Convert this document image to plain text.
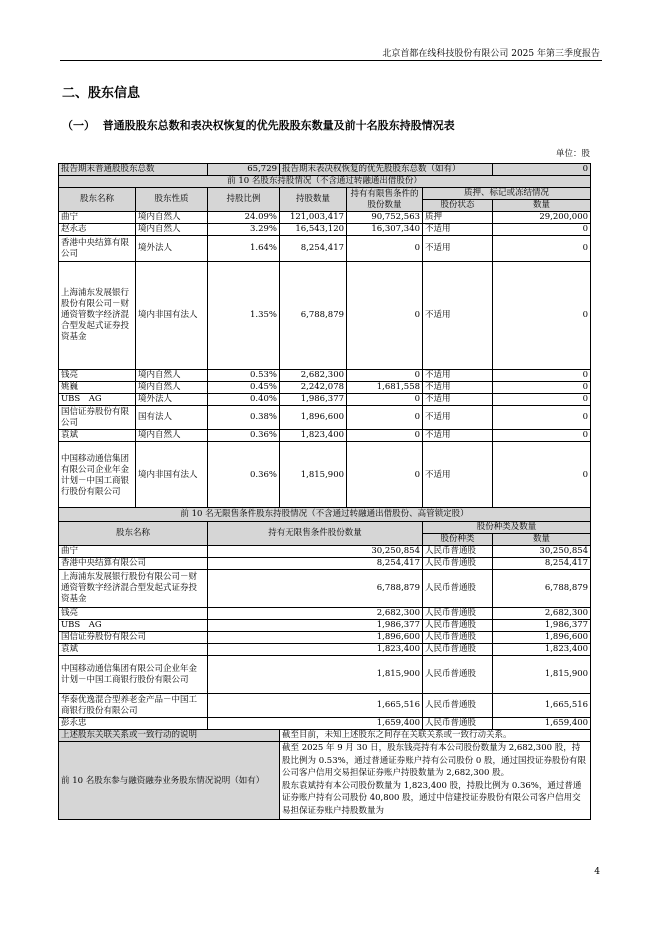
北京首都在线科技股份有限公司 2025 年第三季度报告
二、股东信息
（一） 普通股股东总数和表决权恢复的优先股股东数量及前十名股东持股情况表
单位：股
报告期末普通股股东总数		65,729	报告期末表决权恢复的优先股股东总数（如有）			0
前 10 名股东持股情况（不含通过转融通出借股份）						
股东名称	股东性质	持股比例	持股数量	持有有限售条件的股份数量	质押、标记或冻结情况	
					股份状态	数量
曲宁	境内自然人	24.09%	121,003,417	90,752,563	质押	29,200,000
赵永志	境内自然人	3.29%	16,543,120	16,307,340	不适用	0
香港中央结算有限公司	境外法人	1.64%	8,254,417	0	不适用	0
上海浦东发展银行股份有限公司－财通资管数字经济混合型发起式证券投资基金	境内非国有法人	1.35%	6,788,879	0	不适用	0
钱亮	境内自然人	0.53%	2,682,300	0	不适用	0
姚巍	境内自然人	0.45%	2,242,078	1,681,558	不适用	0
UBS　AG	境外法人	0.40%	1,986,377	0	不适用	0
国信证券股份有限公司	国有法人	0.38%	1,896,600	0	不适用	0
袁斌	境内自然人	0.36%	1,823,400	0	不适用	0
中国移动通信集团有限公司企业年金计划－中国工商银行股份有限公司	境内非国有法人	0.36%	1,815,900	0	不适用	0
前 10 名无限售条件股东持股情况（不含通过转融通出借股份、高管锁定股）				
股东名称	持有无限售条件股份数量		股份种类及数量	
			股份种类	数量
曲宁	30,250,854		人民币普通股	30,250,854
香港中央结算有限公司	8,254,417		人民币普通股	8,254,417
上海浦东发展银行股份有限公司－财通资管数字经济混合型发起式证券投资基金	6,788,879		人民币普通股	6,788,879
钱亮	2,682,300		人民币普通股	2,682,300
UBS　AG	1,986,377		人民币普通股	1,986,377
国信证券股份有限公司	1,896,600		人民币普通股	1,896,600
袁斌	1,823,400		人民币普通股	1,823,400
中国移动通信集团有限公司企业年金计划－中国工商银行股份有限公司	1,815,900		人民币普通股	1,815,900
华泰优逸混合型养老金产品－中国工商银行股份有限公司	1,665,516		人民币普通股	1,665,516
彭永忠	1,659,400		人民币普通股	1,659,400
上述股东关联关系或一致行动的说明		截至目前，未知上述股东之间存在关联关系或一致行动关系。		
前 10 名股东参与融资融券业务股东情况说明（如有）		截至 2025 年 9 月 30 日，股东钱亮持有本公司股份数量为 2,682,300 股，持股比例为 0.53%，通过普通证券账户持有公司股份 0 股，通过国投证券股份有限公司客户信用交易担保证券账户持股数量为 2,682,300 股。
股东袁斌持有本公司股份数量为 1,823,400 股，持股比例为 0.36%，通过普通证券账户持有公司股份 40,800 股，通过中信建投证券股份有限公司客户信用交易担保证券账户持股数量为		
4
